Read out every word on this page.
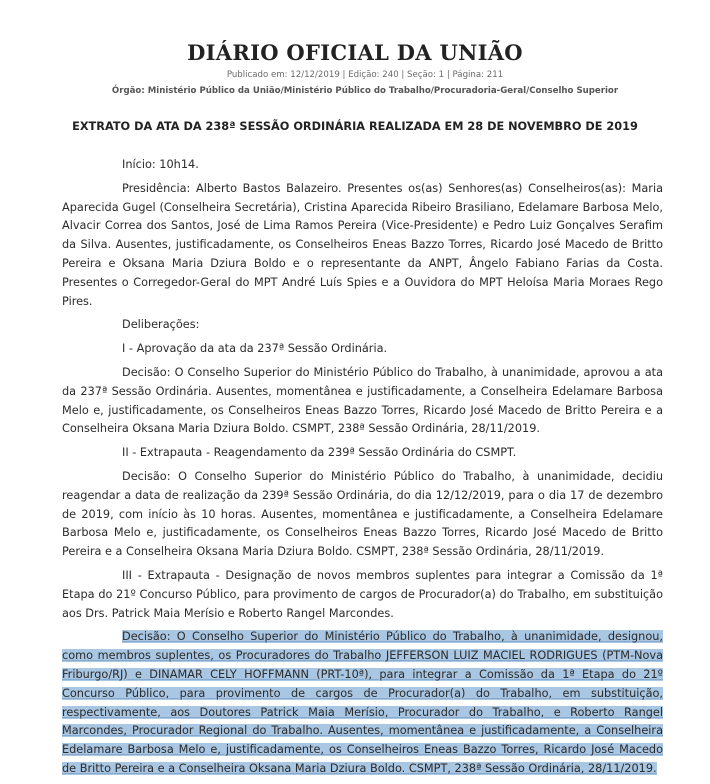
DIÁRIO OFICIAL DA UNIÃO
Publicado em: 12/12/2019 | Edição: 240 | Seção: 1 | Página: 211
Órgão: Ministério Público da União/Ministério Público do Trabalho/Procuradoria-Geral/Conselho Superior
EXTRATO DA ATA DA 238ª SESSÃO ORDINÁRIA REALIZADA EM 28 DE NOVEMBRO DE 2019

Início: 10h14.

Presidência: Alberto Bastos Balazeiro. Presentes os(as) Senhores(as) Conselheiros(as): Maria Aparecida Gugel (Conselheira Secretária), Cristina Aparecida Ribeiro Brasiliano, Edelamare Barbosa Melo, Alvacir Correa dos Santos, José de Lima Ramos Pereira (Vice-Presidente) e Pedro Luiz Gonçalves Serafim da Silva. Ausentes, justificadamente, os Conselheiros Eneas Bazzo Torres, Ricardo José Macedo de Britto Pereira e Oksana Maria Dziura Boldo e o representante da ANPT, Ângelo Fabiano Farias da Costa. Presentes o Corregedor-Geral do MPT André Luís Spies e a Ouvidora do MPT Heloísa Maria Moraes Rego Pires.

Deliberações:

I - Aprovação da ata da 237ª Sessão Ordinária.

Decisão: O Conselho Superior do Ministério Público do Trabalho, à unanimidade, aprovou a ata da 237ª Sessão Ordinária. Ausentes, momentânea e justificadamente, a Conselheira Edelamare Barbosa Melo e, justificadamente, os Conselheiros Eneas Bazzo Torres, Ricardo José Macedo de Britto Pereira e a Conselheira Oksana Maria Dziura Boldo. CSMPT, 238ª Sessão Ordinária, 28/11/2019.

II - Extrapauta - Reagendamento da 239ª Sessão Ordinária do CSMPT.

Decisão: O Conselho Superior do Ministério Público do Trabalho, à unanimidade, decidiu reagendar a data de realização da 239ª Sessão Ordinária, do dia 12/12/2019, para o dia 17 de dezembro de 2019, com início às 10 horas. Ausentes, momentânea e justificadamente, a Conselheira Edelamare Barbosa Melo e, justificadamente, os Conselheiros Eneas Bazzo Torres, Ricardo José Macedo de Britto Pereira e a Conselheira Oksana Maria Dziura Boldo. CSMPT, 238ª Sessão Ordinária, 28/11/2019.

III - Extrapauta - Designação de novos membros suplentes para integrar a Comissão da 1ª Etapa do 21º Concurso Público, para provimento de cargos de Procurador(a) do Trabalho, em substituição aos Drs. Patrick Maia Merísio e Roberto Rangel Marcondes.

Decisão: O Conselho Superior do Ministério Público do Trabalho, à unanimidade, designou, como membros suplentes, os Procuradores do Trabalho JEFFERSON LUIZ MACIEL RODRIGUES (PTM-Nova Friburgo/RJ) e DINAMAR CELY HOFFMANN (PRT-10ª), para integrar a Comissão da 1ª Etapa do 21º Concurso Público, para provimento de cargos de Procurador(a) do Trabalho, em substituição, respectivamente, aos Doutores Patrick Maia Merísio, Procurador do Trabalho, e Roberto Rangel Marcondes, Procurador Regional do Trabalho. Ausentes, momentânea e justificadamente, a Conselheira Edelamare Barbosa Melo e, justificadamente, os Conselheiros Eneas Bazzo Torres, Ricardo José Macedo de Britto Pereira e a Conselheira Oksana Maria Dziura Boldo. CSMPT, 238ª Sessão Ordinária, 28/11/2019.
